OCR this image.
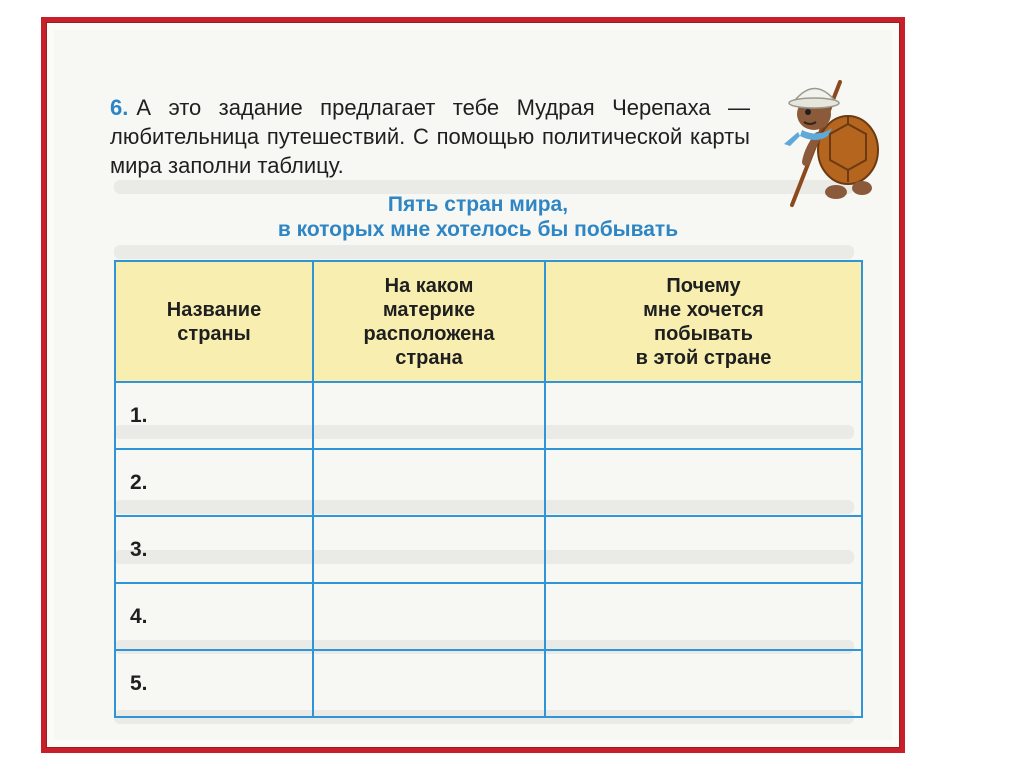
6. А это задание предлагает тебе Мудрая Черепаха — любительница путешествий. С помощью политической карты мира заполни таблицу.

Пять стран мира,
в которых мне хотелось бы побывать
Название
страны	На каком
материке
расположена
страна	Почему
мне хочется
побывать
в этой стране

1.		
2.		
3.		
4.		
5.		
